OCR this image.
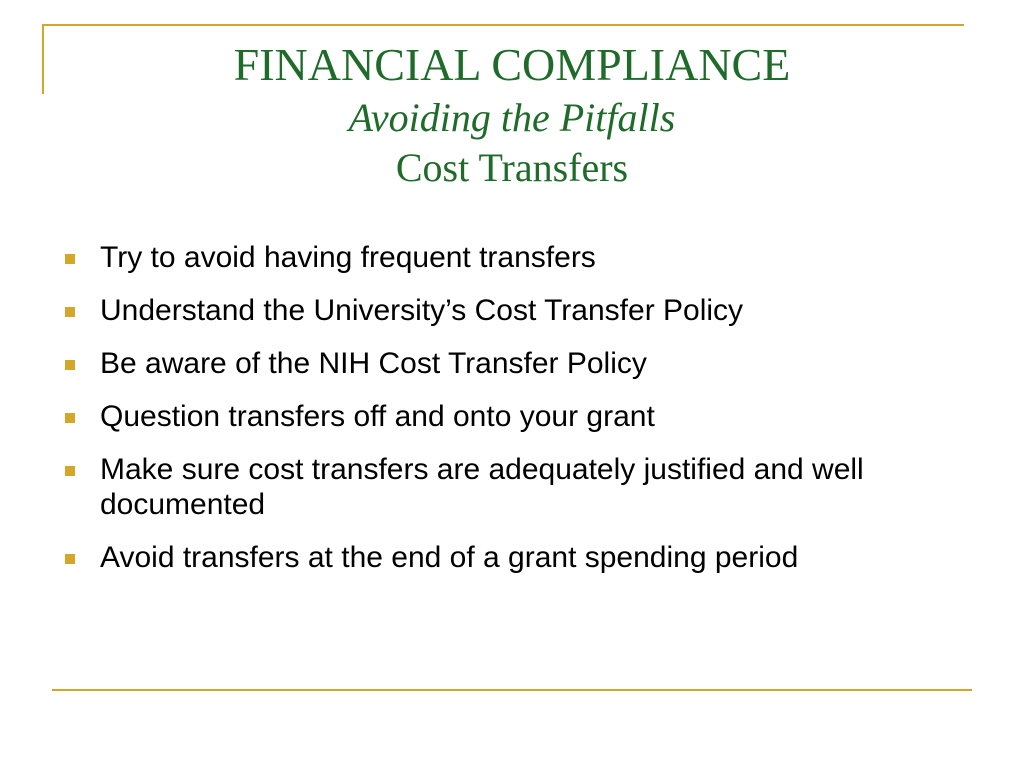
FINANCIAL COMPLIANCE
Avoiding the Pitfalls
Cost Transfers
Try to avoid having frequent transfers
Understand the University’s Cost Transfer Policy
Be aware of the NIH Cost Transfer Policy
Question transfers off and onto your grant
Make sure cost transfers are adequately justified and well documented
Avoid transfers at the end of a grant spending period
